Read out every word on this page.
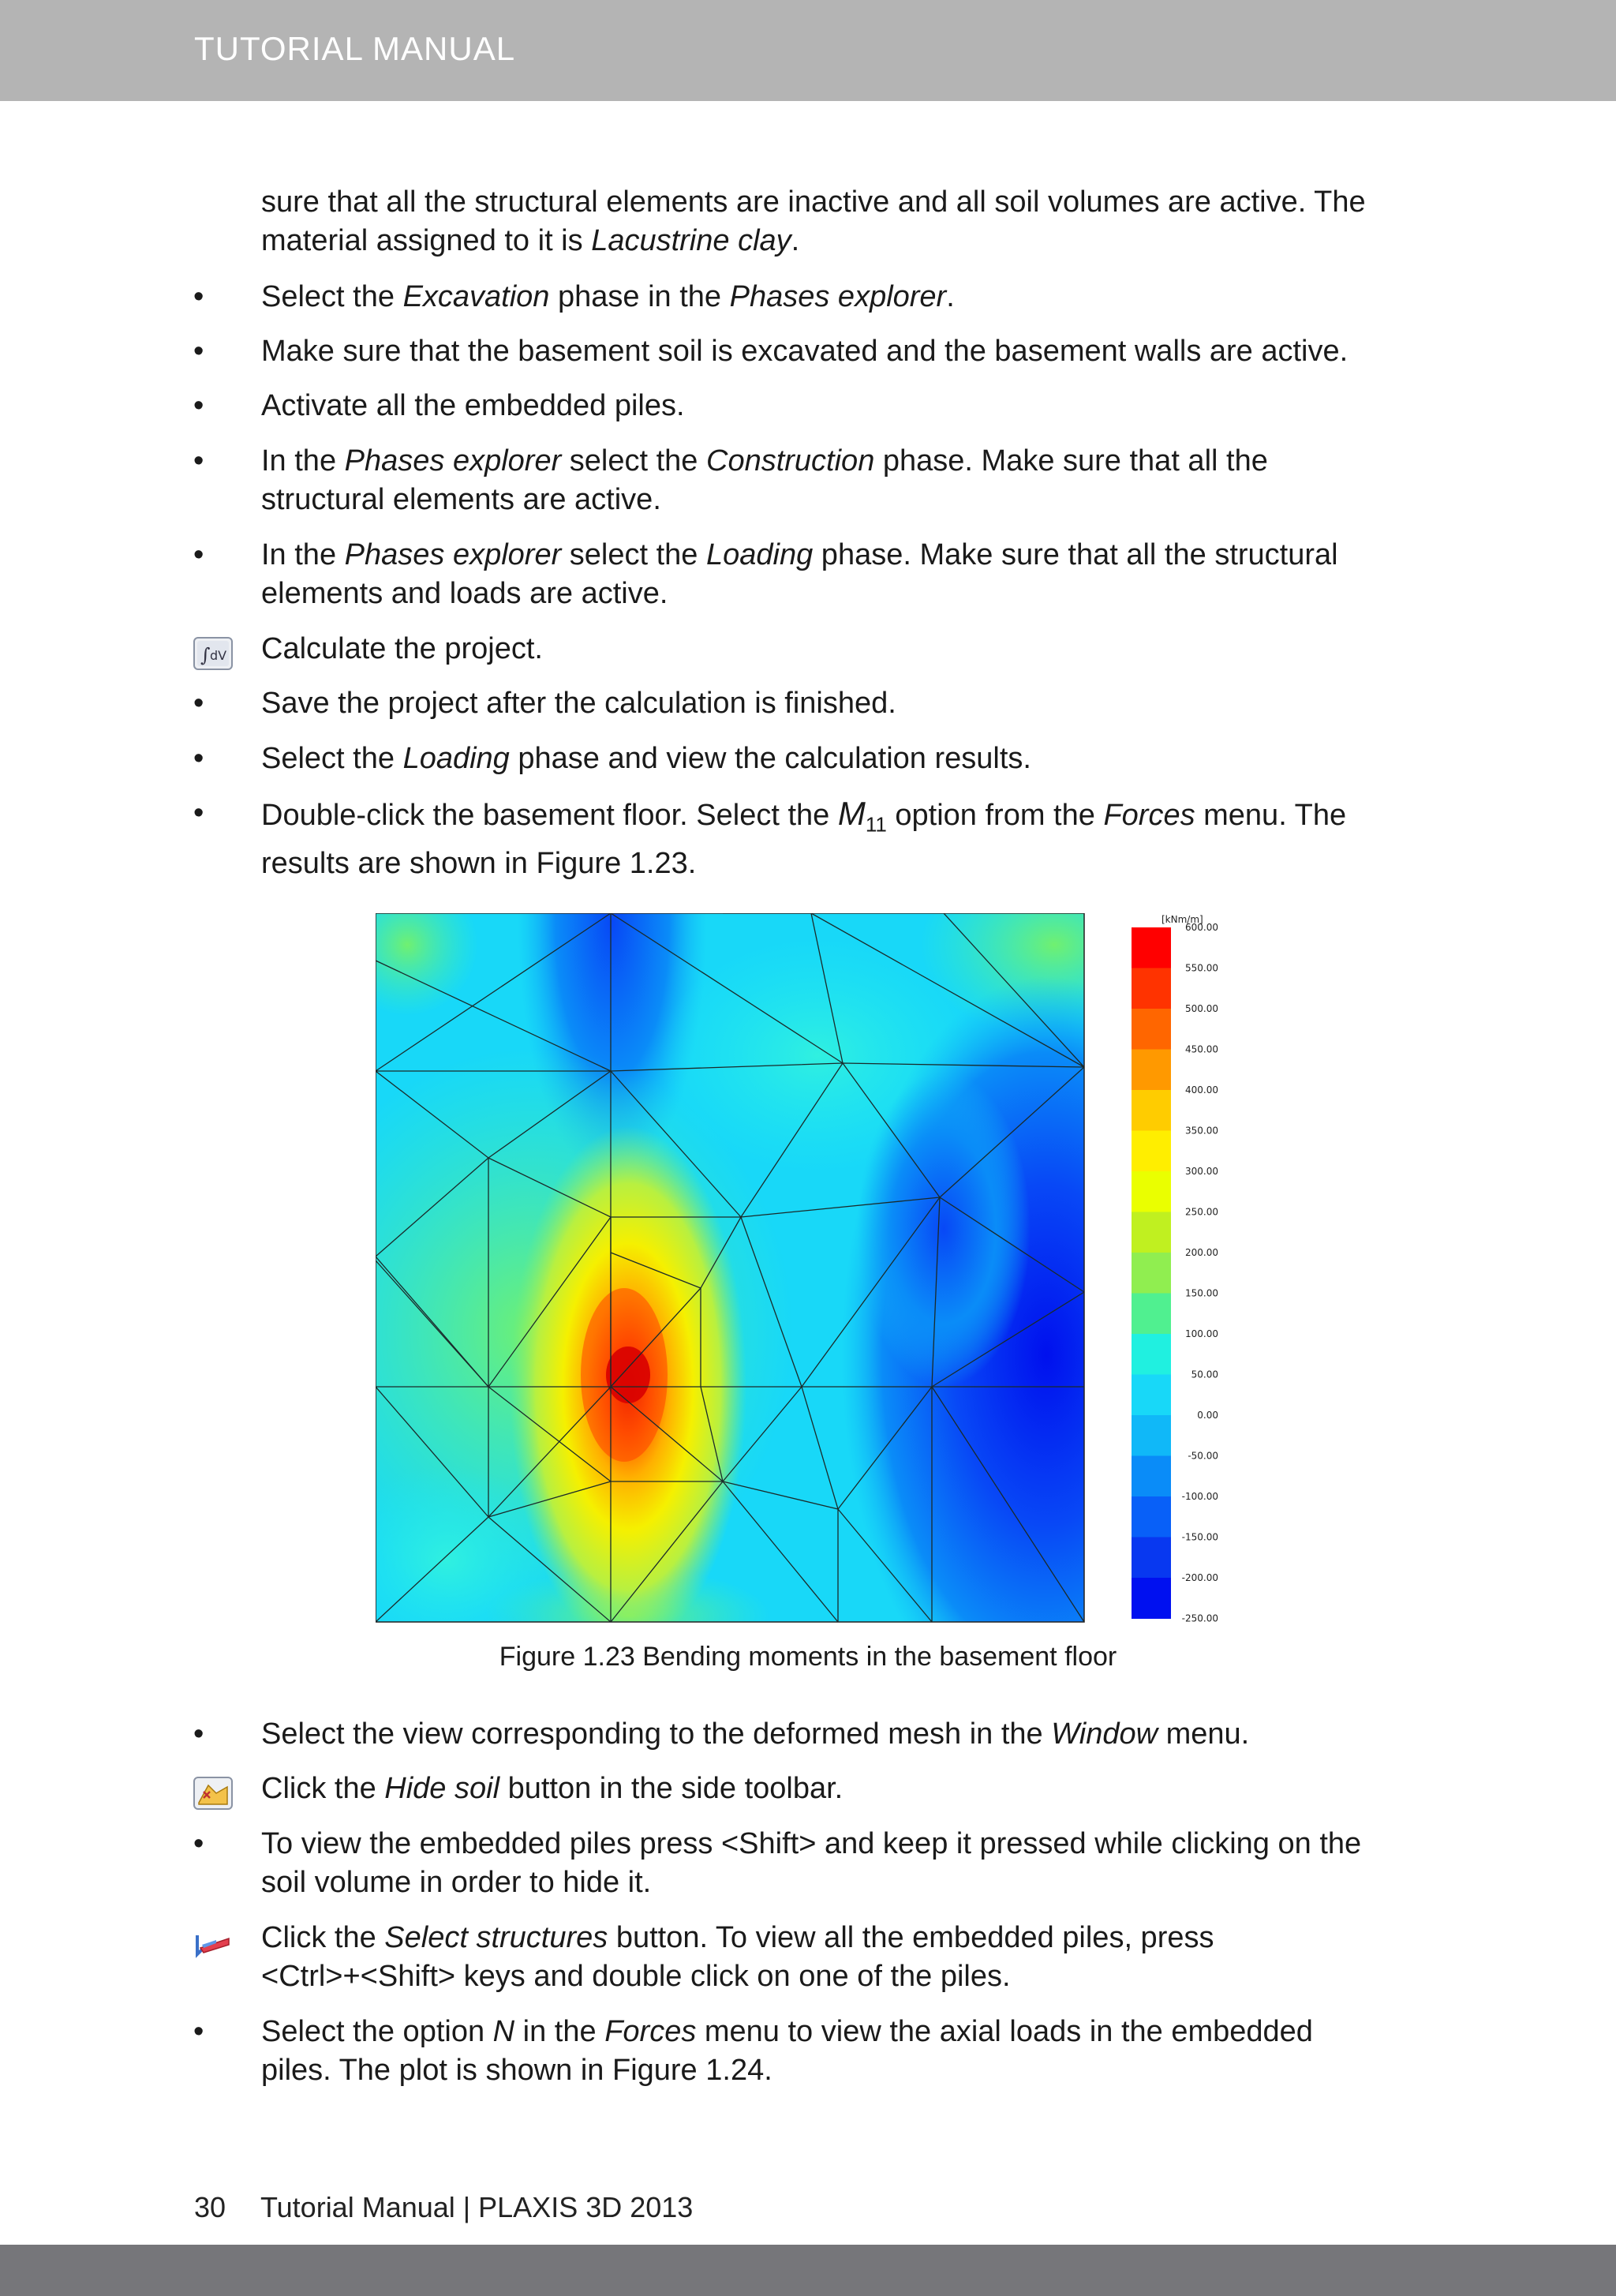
TUTORIAL MANUAL
sure that all the structural elements are inactive and all soil volumes are active. The
material assigned to it is Lacustrine clay.
• Select the Excavation phase in the Phases explorer.
• Make sure that the basement soil is excavated and the basement walls are active.
• Activate all the embedded piles.
• In the Phases explorer select the Construction phase. Make sure that all the
structural elements are active.
• In the Phases explorer select the Loading phase. Make sure that all the structural
elements and loads are active.
∫ dV Calculate the project.
• Save the project after the calculation is finished.
• Select the Loading phase and view the calculation results.
• Double-click the basement floor. Select the $M_{11}$ option from the Forces menu. The
results are shown in Figure 1.23.
[kNm/m]
600.00
550.00
500.00
450.00
400.00
350.00
300.00
250.00
200.00
150.00
100.00
50.00
0.00
-50.00
-100.00
-150.00
-200.00
-250.00
Figure 1.23 Bending moments in the basement floor
• Select the view corresponding to the deformed mesh in the Window menu.
Click the Hide soil button in the side toolbar.
• To view the embedded piles press <Shift> and keep it pressed while clicking on the
soil volume in order to hide it.
Click the Select structures button. To view all the embedded piles, press
<Ctrl>+<Shift> keys and double click on one of the piles.
• Select the option N in the Forces menu to view the axial loads in the embedded
piles. The plot is shown in Figure 1.24.
30 Tutorial Manual | PLAXIS 3D 2013
